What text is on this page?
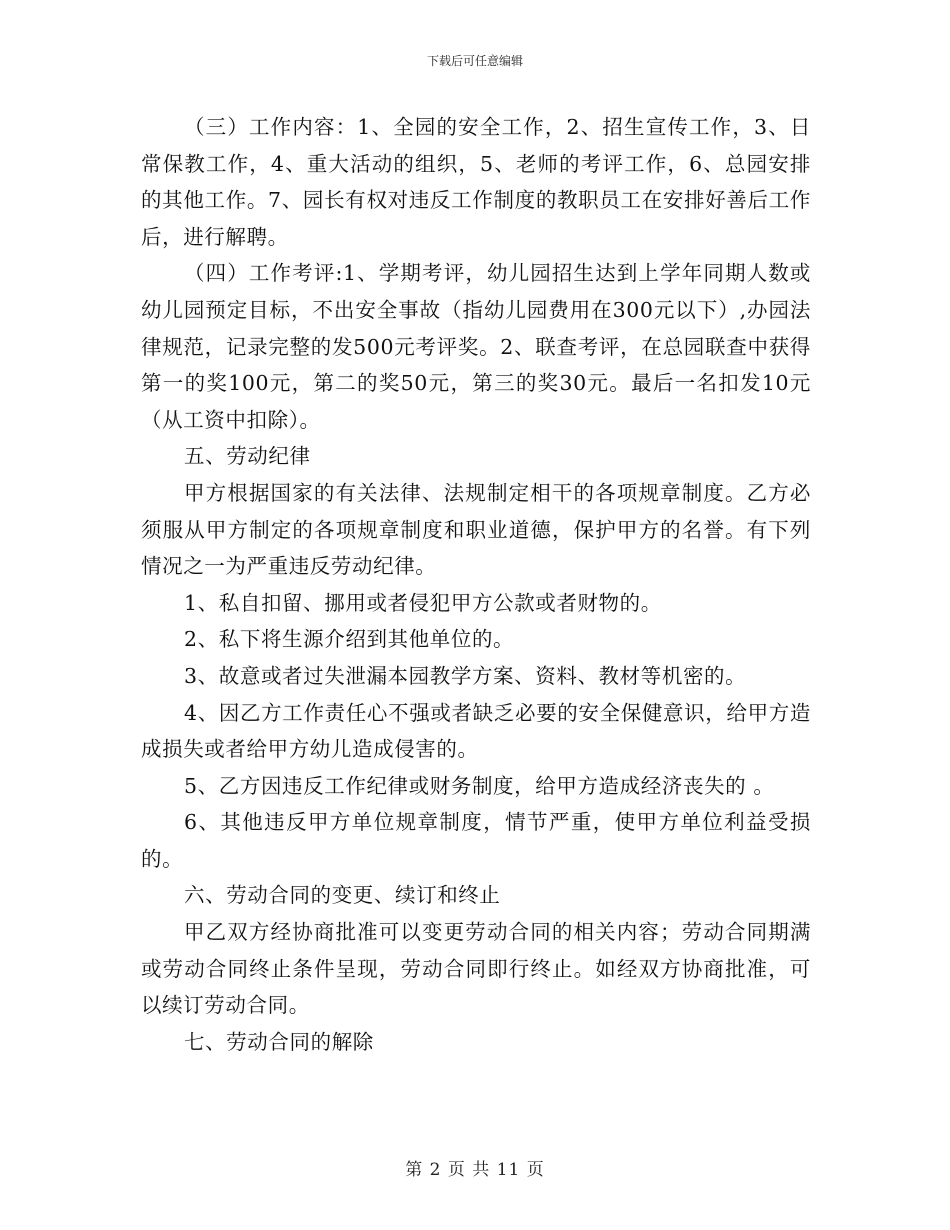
下载后可任意编辑

（三）工作内容：1、全园的安全工作，2、招生宣传工作，3、日常保教工作，4、重大活动的组织，5、老师的考评工作，6、总园安排的其他工作。7、园长有权对违反工作制度的教职员工在安排好善后工作后，进行解聘。

（四）工作考评:1、学期考评，幼儿园招生达到上学年同期人数或幼儿园预定目标，不出安全事故（指幼儿园费用在300元以下）,办园法律规范，记录完整的发500元考评奖。2、联查考评，在总园联查中获得第一的奖100元，第二的奖50元，第三的奖30元。最后一名扣发10元（从工资中扣除）。

五、劳动纪律

甲方根据国家的有关法律、法规制定相干的各项规章制度。乙方必须服从甲方制定的各项规章制度和职业道德，保护甲方的名誉。有下列情况之一为严重违反劳动纪律。

1、私自扣留、挪用或者侵犯甲方公款或者财物的。

2、私下将生源介绍到其他单位的。

3、故意或者过失泄漏本园教学方案、资料、教材等机密的。

4、因乙方工作责任心不强或者缺乏必要的安全保健意识，给甲方造成损失或者给甲方幼儿造成侵害的。

5、乙方因违反工作纪律或财务制度，给甲方造成经济丧失的 。

6、其他违反甲方单位规章制度，情节严重，使甲方单位利益受损的。

六、劳动合同的变更、续订和终止

甲乙双方经协商批准可以变更劳动合同的相关内容；劳动合同期满或劳动合同终止条件呈现，劳动合同即行终止。如经双方协商批准，可以续订劳动合同。

七、劳动合同的解除

第 2 页 共 11 页
